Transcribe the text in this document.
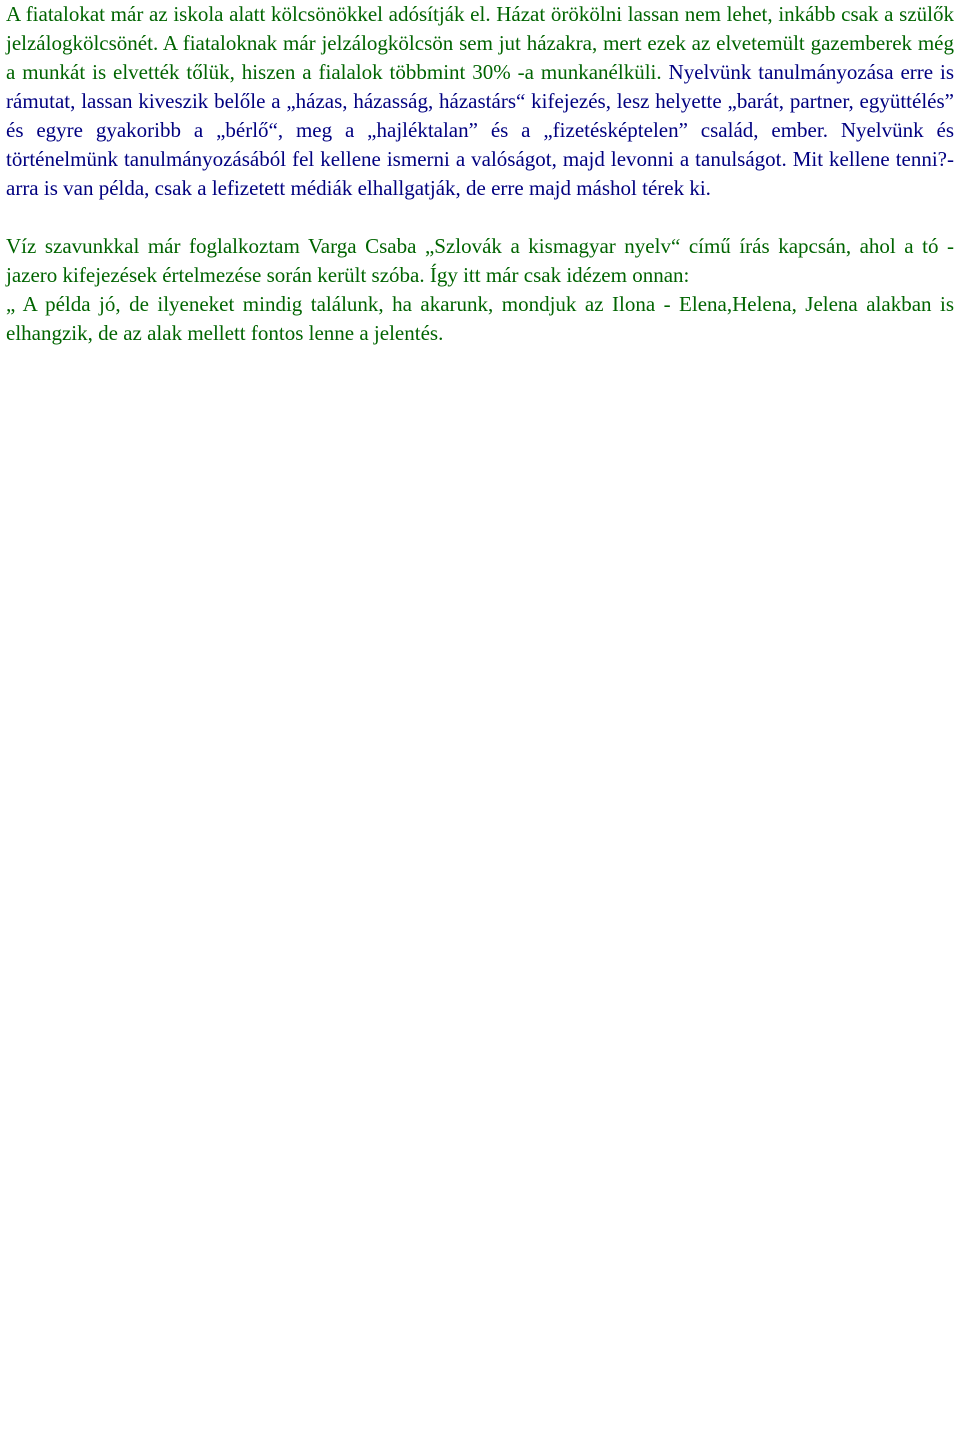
A fiatalokat már az iskola alatt kölcsönökkel adósítják el. Házat örökölni lassan nem lehet, inkább csak a szülők jelzálogkölcsönét. A fiataloknak már jelzálogkölcsön sem jut házakra, mert ezek az elvetemült gazemberek még a munkát is elvették tőlük, hiszen a fialalok többmint 30% -a munkanélküli. Nyelvünk tanulmányozása erre is rámutat, lassan kiveszik belőle a „házas, házasság, házastárs“ kifejezés, lesz helyette „barát, partner, együttélés” és egyre gyakoribb a „bérlő“, meg a „hajléktalan” és a „fizetésképtelen” család, ember. Nyelvünk és történelmünk tanulmányozásából fel kellene ismerni a valóságot, majd levonni a tanulságot. Mit kellene tenni?- arra is van példa, csak a lefizetett médiák elhallgatják, de erre majd máshol térek ki.

Víz szavunkkal már foglalkoztam Varga Csaba „Szlovák a kismagyar nyelv“ című írás kapcsán, ahol a tó - jazero kifejezések értelmezése során került szóba. Így itt már csak idézem onnan:

„ A példa jó, de ilyeneket mindig találunk, ha akarunk, mondjuk az Ilona - Elena,Helena, Jelena alakban is elhangzik, de az alak mellett fontos lenne a jelentés.
